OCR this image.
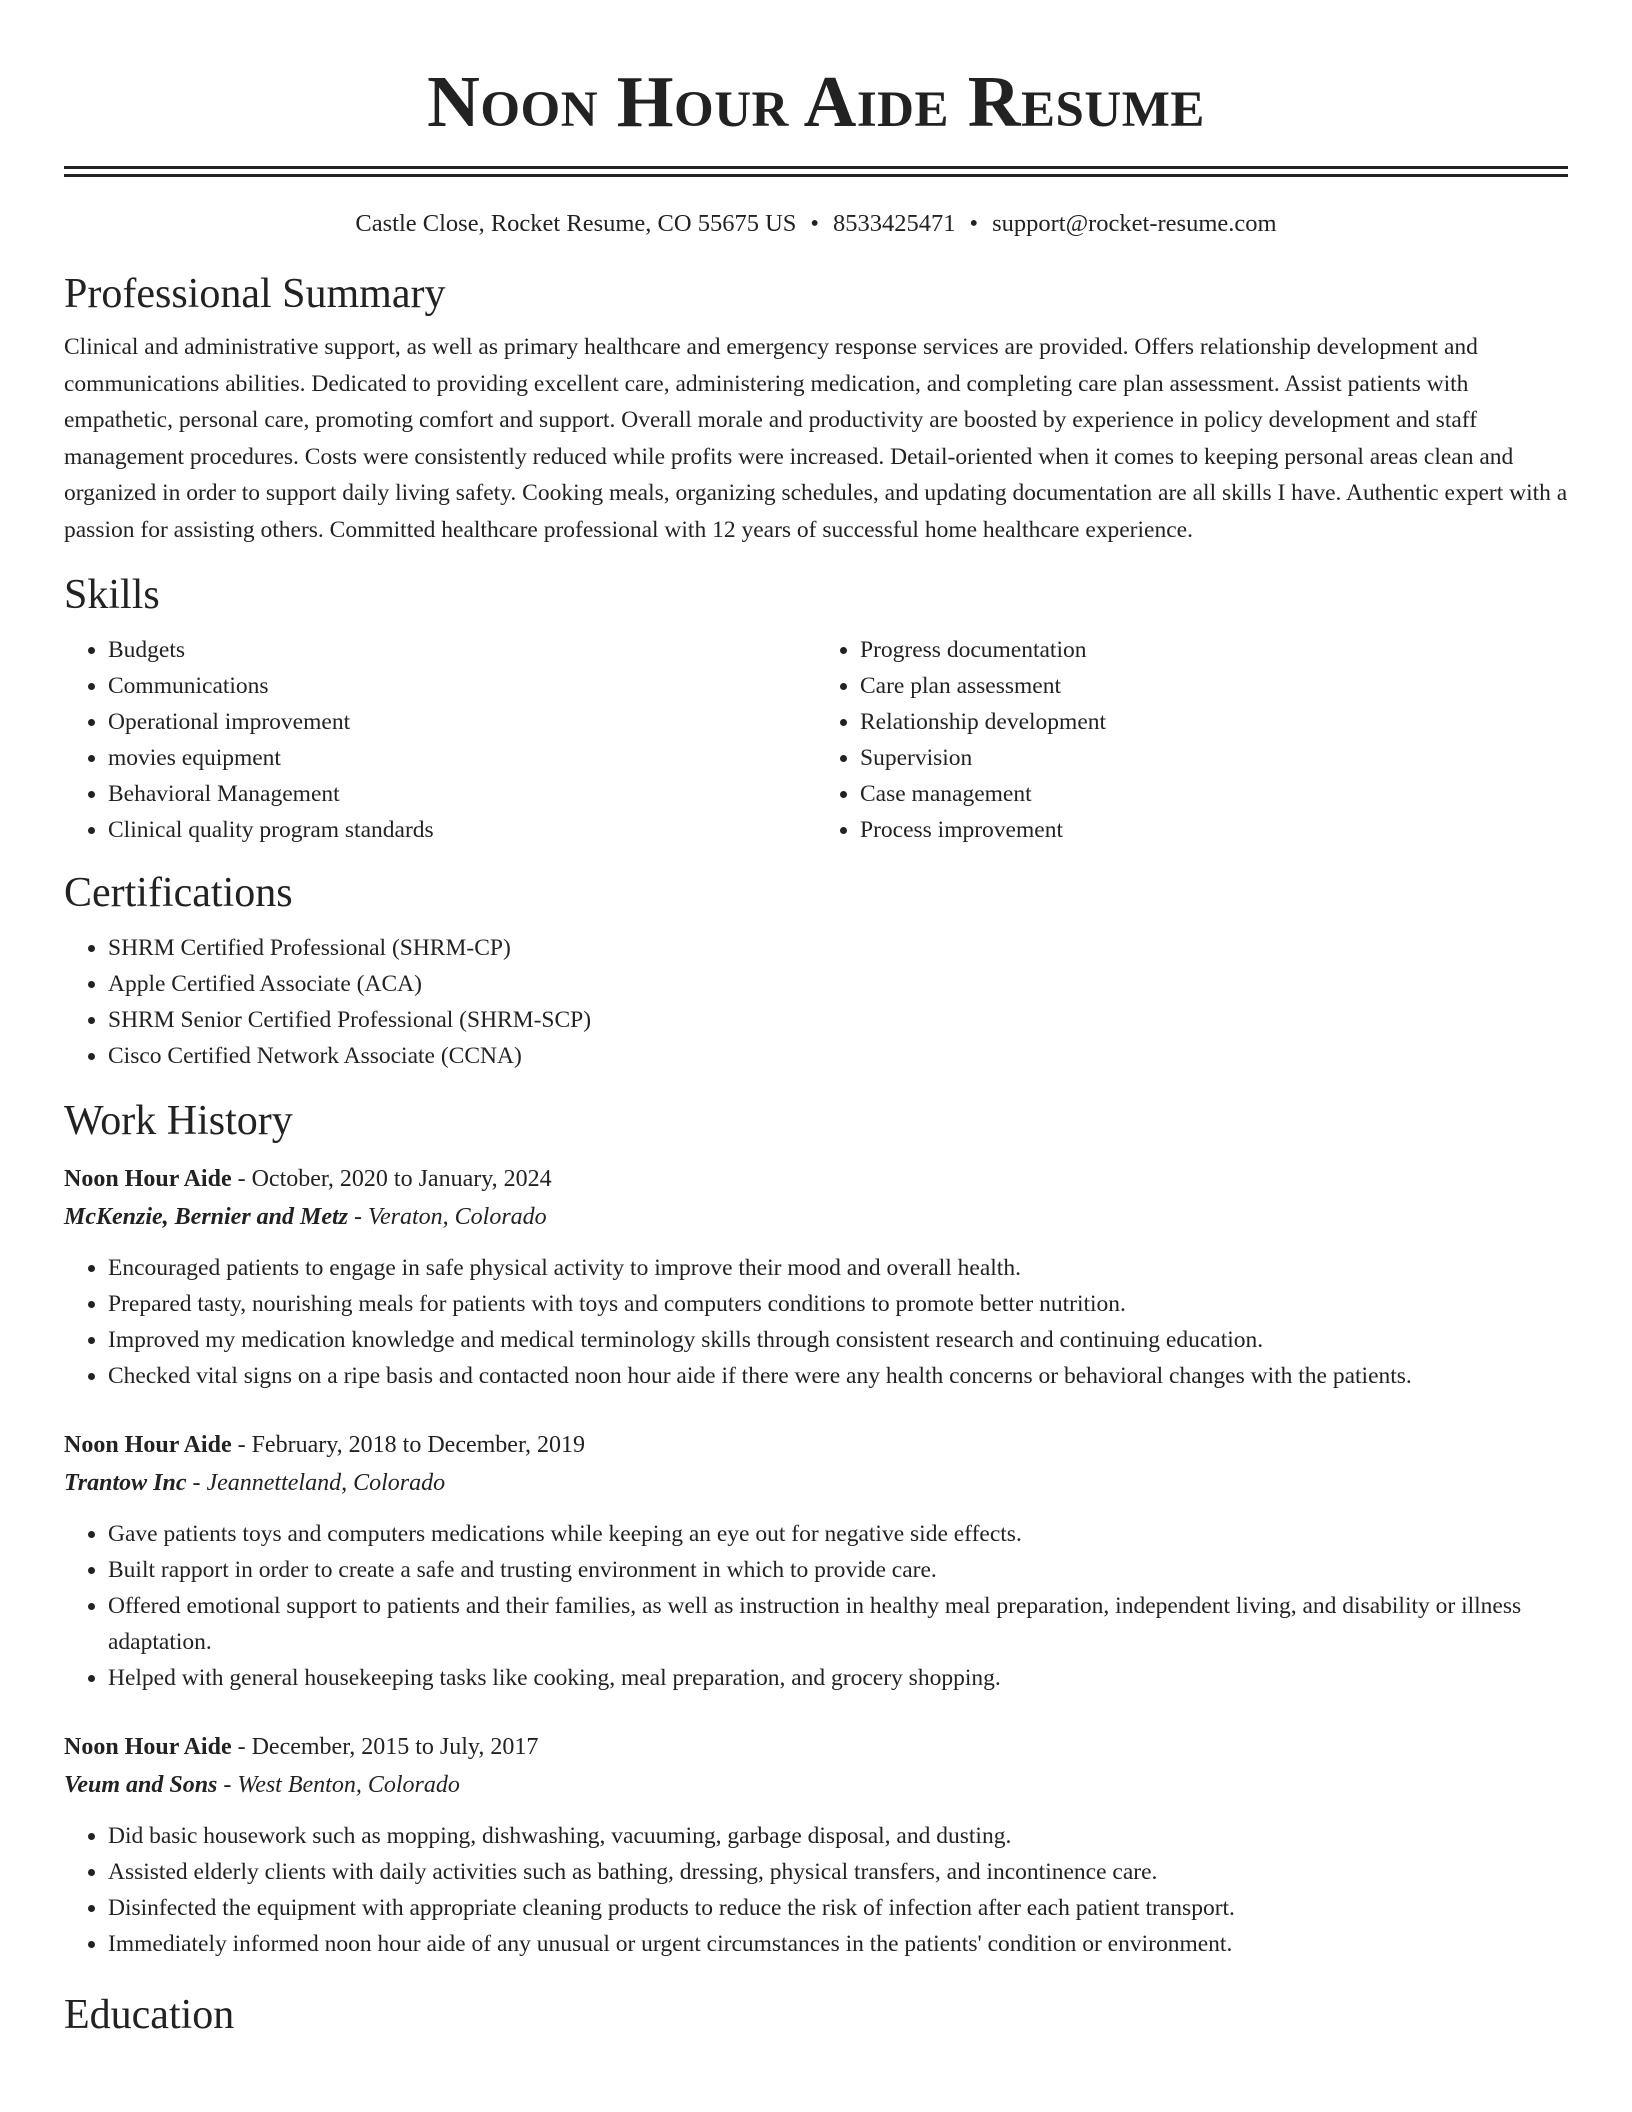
Noon Hour Aide Resume
Castle Close, Rocket Resume, CO 55675 US • 8533425471 • support@rocket-resume.com
Professional Summary
Clinical and administrative support, as well as primary healthcare and emergency response services are provided. Offers relationship development and communications abilities. Dedicated to providing excellent care, administering medication, and completing care plan assessment. Assist patients with empathetic, personal care, promoting comfort and support. Overall morale and productivity are boosted by experience in policy development and staff management procedures. Costs were consistently reduced while profits were increased. Detail-oriented when it comes to keeping personal areas clean and organized in order to support daily living safety. Cooking meals, organizing schedules, and updating documentation are all skills I have. Authentic expert with a passion for assisting others. Committed healthcare professional with 12 years of successful home healthcare experience.
Skills
• Budgets
• Communications
• Operational improvement
• movies equipment
• Behavioral Management
• Clinical quality program standards
• Progress documentation
• Care plan assessment
• Relationship development
• Supervision
• Case management
• Process improvement
Certifications
• SHRM Certified Professional (SHRM-CP)
• Apple Certified Associate (ACA)
• SHRM Senior Certified Professional (SHRM-SCP)
• Cisco Certified Network Associate (CCNA)
Work History
Noon Hour Aide - October, 2020 to January, 2024
McKenzie, Bernier and Metz - Veraton, Colorado
• Encouraged patients to engage in safe physical activity to improve their mood and overall health.
• Prepared tasty, nourishing meals for patients with toys and computers conditions to promote better nutrition.
• Improved my medication knowledge and medical terminology skills through consistent research and continuing education.
• Checked vital signs on a ripe basis and contacted noon hour aide if there were any health concerns or behavioral changes with the patients.
Noon Hour Aide - February, 2018 to December, 2019
Trantow Inc - Jeannetteland, Colorado
• Gave patients toys and computers medications while keeping an eye out for negative side effects.
• Built rapport in order to create a safe and trusting environment in which to provide care.
• Offered emotional support to patients and their families, as well as instruction in healthy meal preparation, independent living, and disability or illness adaptation.
• Helped with general housekeeping tasks like cooking, meal preparation, and grocery shopping.
Noon Hour Aide - December, 2015 to July, 2017
Veum and Sons - West Benton, Colorado
• Did basic housework such as mopping, dishwashing, vacuuming, garbage disposal, and dusting.
• Assisted elderly clients with daily activities such as bathing, dressing, physical transfers, and incontinence care.
• Disinfected the equipment with appropriate cleaning products to reduce the risk of infection after each patient transport.
• Immediately informed noon hour aide of any unusual or urgent circumstances in the patients' condition or environment.
Education
